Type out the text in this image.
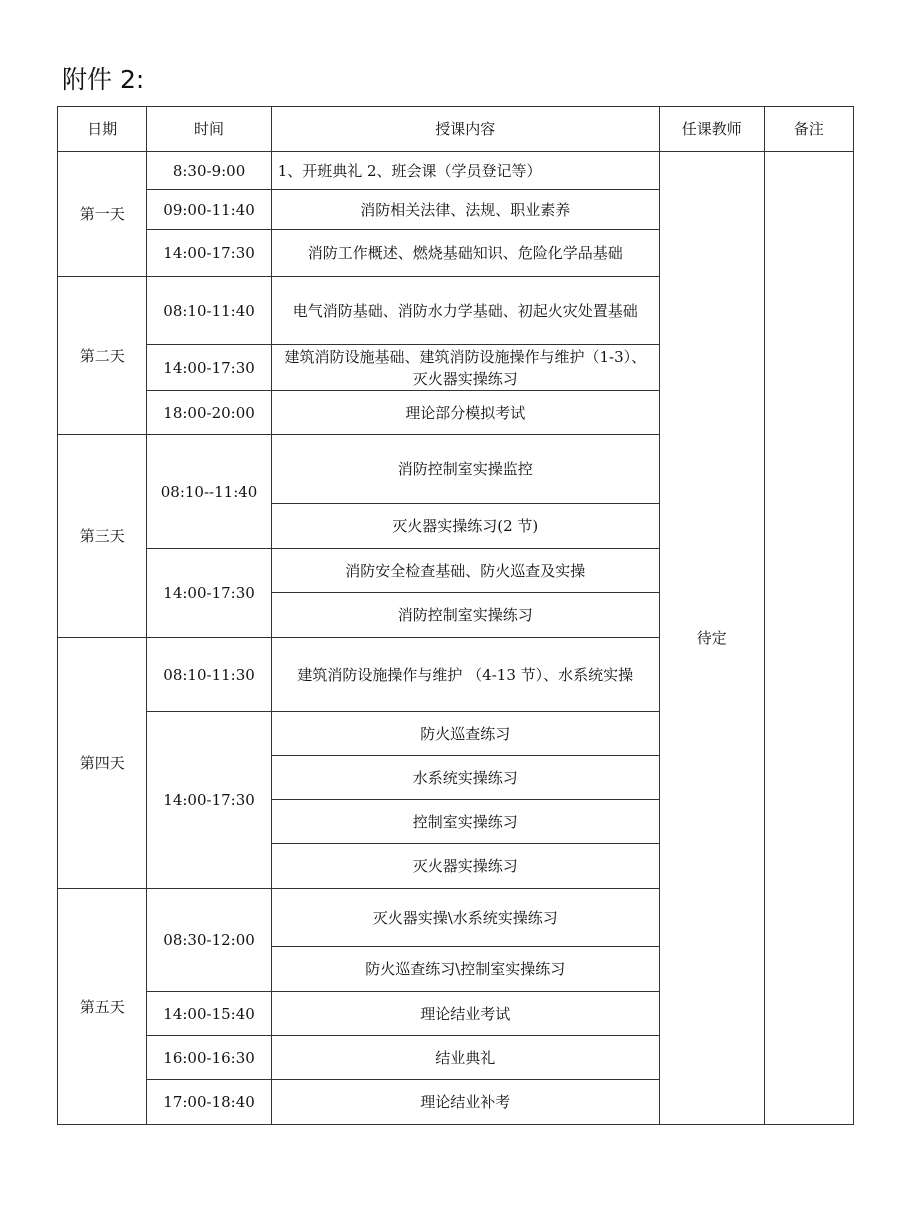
附件 2:
日期	时间	授课内容	任课教师	备注
第一天	8:30-9:00	1、开班典礼 2、班会课（学员登记等）	待定	
	09:00-11:40	消防相关法律、法规、职业素养		
	14:00-17:30	消防工作概述、燃烧基础知识、危险化学品基础		
第二天	08:10-11:40	电气消防基础、消防水力学基础、初起火灾处置基础		
	14:00-17:30	建筑消防设施基础、建筑消防设施操作与维护（1-3）、灭火器实操练习		
	18:00-20:00	理论部分模拟考试		
第三天	08:10--11:40	消防控制室实操监控		
		灭火器实操练习(2 节)		
	14:00-17:30	消防安全检查基础、防火巡查及实操		
		消防控制室实操练习		
第四天	08:10-11:30	建筑消防设施操作与维护 （4-13 节）、水系统实操		
	14:00-17:30	防火巡查练习		
		水系统实操练习		
		控制室实操练习		
		灭火器实操练习		
第五天	08:30-12:00	灭火器实操\水系统实操练习		
		防火巡查练习\控制室实操练习		
	14:00-15:40	理论结业考试		
	16:00-16:30	结业典礼		
	17:00-18:40	理论结业补考		
